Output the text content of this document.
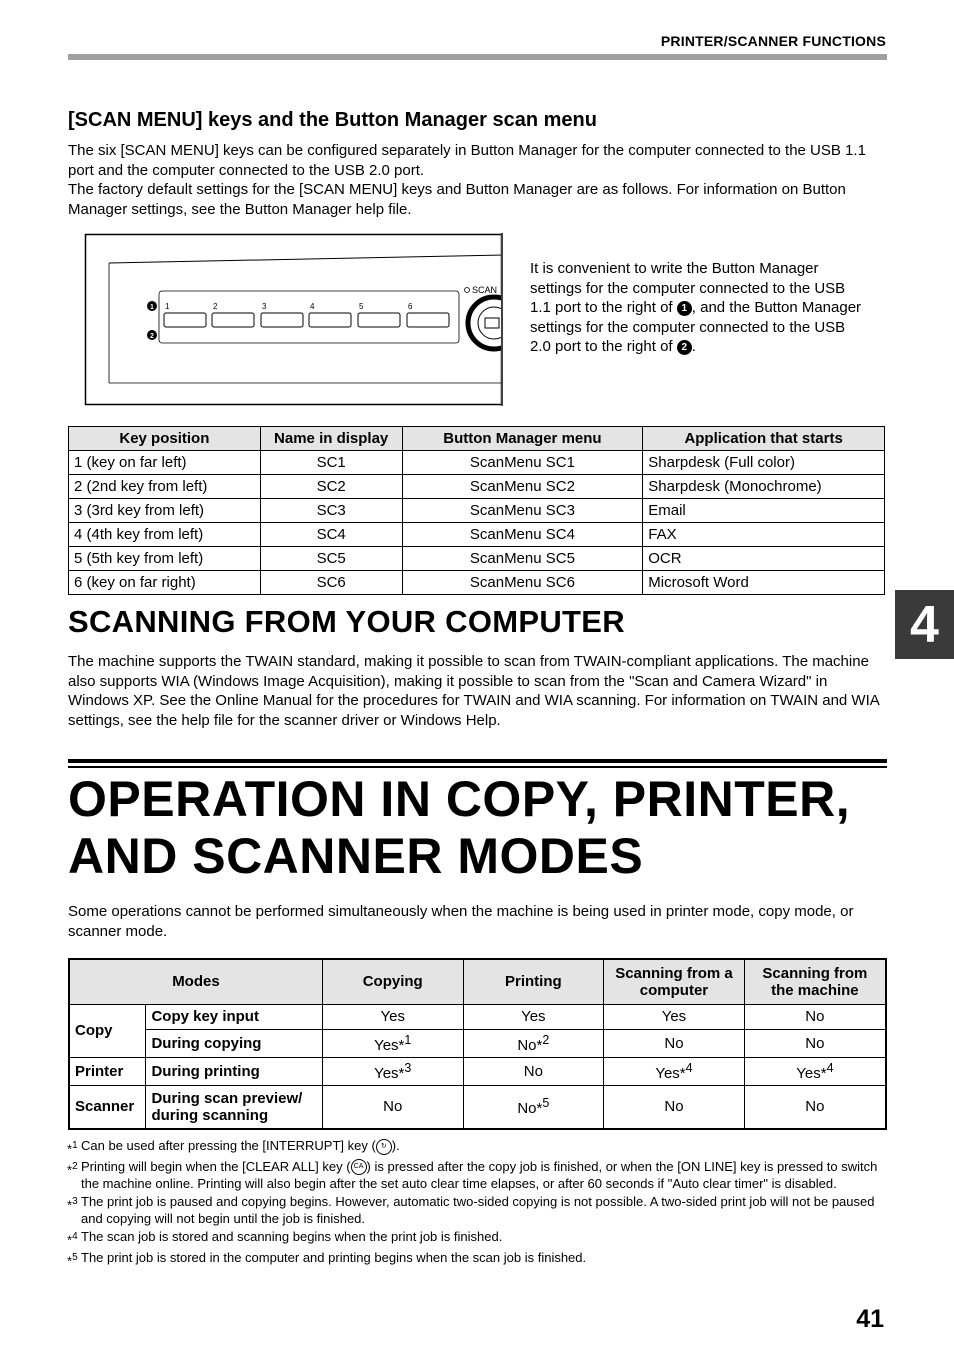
PRINTER/SCANNER FUNCTIONS
[SCAN MENU] keys and the Button Manager scan menu

The six [SCAN MENU] keys can be configured separately in Button Manager for the computer connected to the USB 1.1 port and the computer connected to the USB 2.0 port.

The factory default settings for the [SCAN MENU] keys and Button Manager are as follows. For information on Button Manager settings, see the Button Manager help file.

1	2	3	4	5	6
1
2
SCAN

It is convenient to write the Button Manager settings for the computer connected to the USB 1.1 port to the right of 1 , and the Button Manager settings for the computer connected to the USB 2.0 port to the right of 2 .

Key position	Name in display	Button Manager menu	Application that starts
1 (key on far left)	SC1	ScanMenu SC1	Sharpdesk (Full color)
2 (2nd key from left)	SC2	ScanMenu SC2	Sharpdesk (Monochrome)
3 (3rd key from left)	SC3	ScanMenu SC3	Email
4 (4th key from left)	SC4	ScanMenu SC4	FAX
5 (5th key from left)	SC5	ScanMenu SC5	OCR
6 (key on far right)	SC6	ScanMenu SC6	Microsoft Word
4
SCANNING FROM YOUR COMPUTER

The machine supports the TWAIN standard, making it possible to scan from TWAIN-compliant applications. The machine also supports WIA (Windows Image Acquisition), making it possible to scan from the "Scan and Camera Wizard" in Windows XP. See the Online Manual for the procedures for TWAIN and WIA scanning. For information on TWAIN and WIA settings, see the help file for the scanner driver or Windows Help.

OPERATION IN COPY, PRINTER,
AND SCANNER MODES

Some operations cannot be performed simultaneously when the machine is being used in printer mode, copy mode, or scanner mode.

Modes		Copying	Printing	Scanning from a computer	Scanning from the machine
Copy	Copy key input	Yes	Yes	Yes	No
	During copying	Yes*$^1$	No*$^2$	No	No
Printer	During printing	Yes*$^3$	No	Yes*$^4$	Yes*$^4$
Scanner	During scan preview/ during scanning	No	No*$^5$	No	No
*$^1$ Can be used after pressing the [INTERRUPT] key ( ↻ ).
*$^2$ Printing will begin when the [CLEAR ALL] key ( CA ) is pressed after the copy job is finished, or when the [ON LINE] key is pressed to switch the machine online. Printing will also begin after the set auto clear time elapses, or after 60 seconds if "Auto clear timer" is disabled.
*$^3$ The print job is paused and copying begins. However, automatic two-sided copying is not possible. A two-sided print job will not be paused and copying will not begin until the job is finished.
*$^4$ The scan job is stored and scanning begins when the print job is finished.
*$^5$ The print job is stored in the computer and printing begins when the scan job is finished.
41
